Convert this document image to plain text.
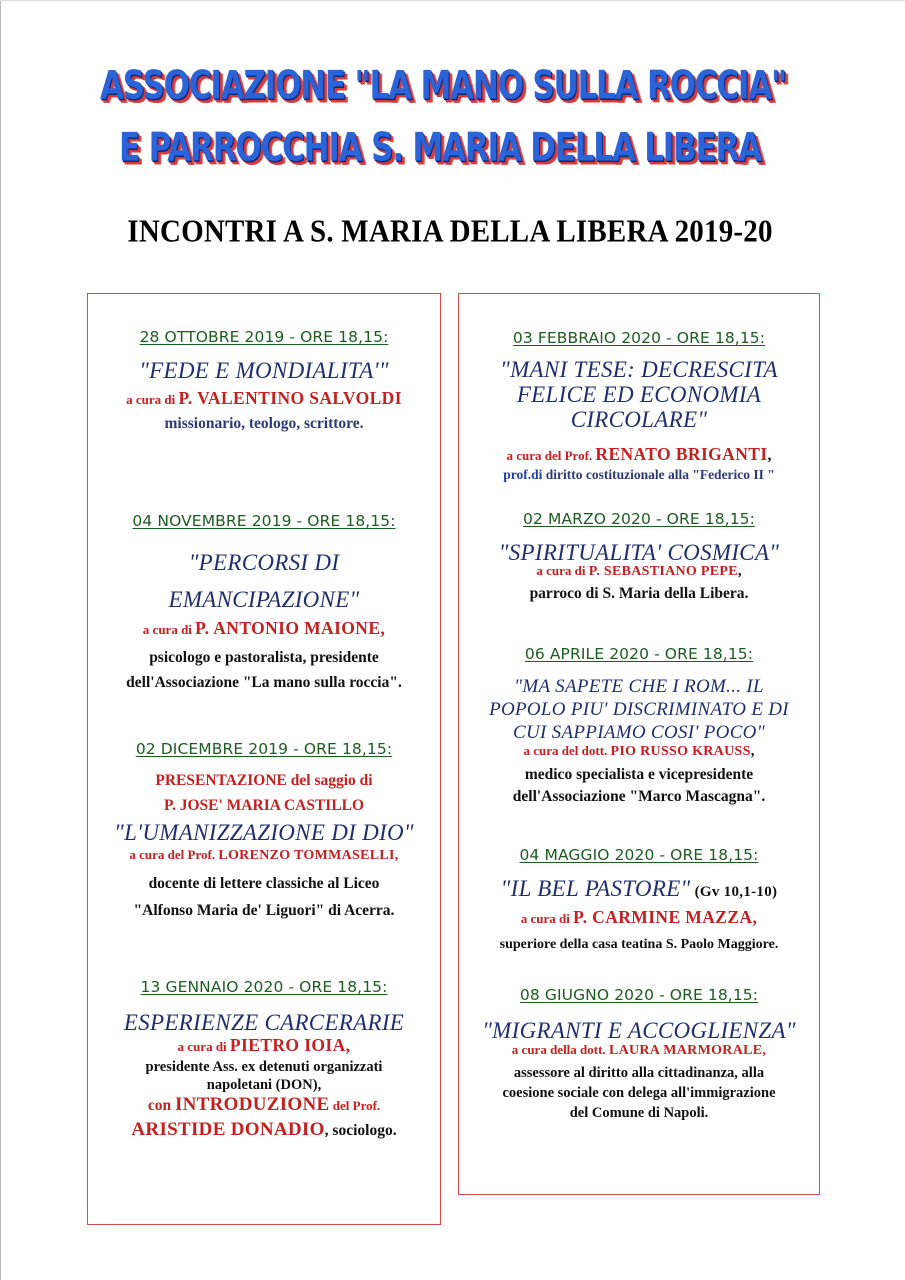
ASSOCIAZIONE "LA MANO SULLA ROCCIA"
E PARROCCHIA S. MARIA DELLA LIBERA
INCONTRI A S. MARIA DELLA LIBERA 2019-20
28 OTTOBRE 2019 - ORE 18,15:
"FEDE E MONDIALITA'"
a cura di P. VALENTINO SALVOLDI
missionario, teologo, scrittore.
04 NOVEMBRE 2019 - ORE 18,15:
"PERCORSI DI
EMANCIPAZIONE"
a cura di P. ANTONIO MAIONE,
psicologo e pastoralista, presidente
dell'Associazione "La mano sulla roccia".
02 DICEMBRE 2019 - ORE 18,15:
PRESENTAZIONE del saggio di
P. JOSE' MARIA CASTILLO
"L'UMANIZZAZIONE DI DIO"
a cura del Prof. LORENZO TOMMASELLI,
docente di lettere classiche al Liceo
"Alfonso Maria de' Liguori" di Acerra.
13 GENNAIO 2020 - ORE 18,15:
ESPERIENZE CARCERARIE
a cura di PIETRO IOIA,
presidente Ass. ex detenuti organizzati
napoletani (DON),
con INTRODUZIONE del Prof.
ARISTIDE DONADIO, sociologo.
03 FEBBRAIO 2020 - ORE 18,15:
"MANI TESE: DECRESCITA
FELICE ED ECONOMIA
CIRCOLARE"
a cura del Prof. RENATO BRIGANTI,
prof.di diritto costituzionale alla "Federico II "
02 MARZO 2020 - ORE 18,15:
"SPIRITUALITA' COSMICA"
a cura di P. SEBASTIANO PEPE,
parroco di S. Maria della Libera.
06 APRILE 2020 - ORE 18,15:
"MA SAPETE CHE I ROM... IL
POPOLO PIU' DISCRIMINATO E DI
CUI SAPPIAMO COSI' POCO"
a cura del dott. PIO RUSSO KRAUSS,
medico specialista e vicepresidente
dell'Associazione "Marco Mascagna".
04 MAGGIO 2020 - ORE 18,15:
"IL BEL PASTORE" (Gv 10,1-10)
a cura di P. CARMINE MAZZA,
superiore della casa teatina S. Paolo Maggiore.
08 GIUGNO 2020 - ORE 18,15:
"MIGRANTI E ACCOGLIENZA"
a cura della dott. LAURA MARMORALE,
assessore al diritto alla cittadinanza, alla
coesione sociale con delega all'immigrazione
del Comune di Napoli.
